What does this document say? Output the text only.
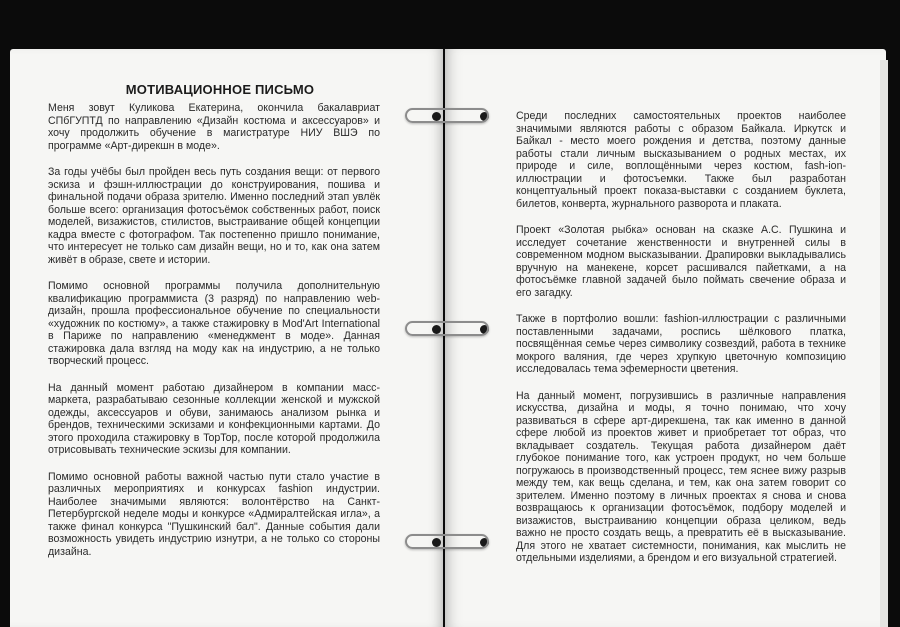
МОТИВАЦИОННОЕ ПИСЬМО

Меня зовут Куликова Екатерина, окончила бакалавриат СПбГУПТД по направлению «Дизайн костюма и аксессуаров» и хочу продолжить обучение в магистратуре НИУ ВШЭ по программе «Арт-дирекшн в моде».

За годы учёбы был пройден весь путь создания вещи: от первого эскиза и фэшн-иллюстрации до конструирования, пошива и финальной подачи образа зрителю. Именно последний этап увлёк больше всего: организация фотосъёмок собственных работ, поиск моделей, визажистов, стилистов, выстраивание общей концепции кадра вместе с фотографом. Так постепенно пришло понимание, что интересует не только сам дизайн вещи, но и то, как она затем живёт в образе, свете и истории.

Помимо основной программы получила дополнительную квалификацию программиста (3 разряд) по направлению web-дизайн, прошла профессиональное обучение по специальности «художник по костюму», а также стажировку в Mod'Art International в Париже по направлению «менеджмент в моде». Данная стажировка дала взгляд на моду как на индустрию, а не только творческий процесс.

На данный момент работаю дизайнером в компании масс-маркета, разрабатываю сезонные коллекции женской и мужской одежды, аксессуаров и обуви, занимаюсь анализом рынка и брендов, техническими эскизами и конфекционными картами. До этого проходила стажировку в TopTop, после которой продолжила отрисовывать технические эскизы для компании.

Помимо основной работы важной частью пути стало участие в различных мероприятиях и конкурсах fashion индустрии. Наиболее значимыми являются: волонтёрство на Санкт-Петербургской неделе моды и конкурсе «Адмиралтейская игла», а также финал конкурса "Пушкинский бал". Данные события дали возможность увидеть индустрию изнутри, а не только со стороны дизайна.

Среди последних самостоятельных проектов наиболее значимыми являются работы с образом Байкала. Иркутск и Байкал - место моего рождения и детства, поэтому данные работы стали личным высказыванием о родных местах, их природе и силе, воплощёнными через костюм, fash-ion-иллюстрации и фотосъемки. Также был разработан концептуальный проект показа-выставки с созданием буклета, билетов, конверта, журнального разворота и плаката.

Проект «Золотая рыбка» основан на сказке А.С. Пушкина и исследует сочетание женственности и внутренней силы в современном модном высказывании. Драпировки выкладывались вручную на манекене, корсет расшивался пайетками, а на фотосъёмке главной задачей было поймать свечение образа и его загадку.

Также в портфолио вошли: fashion-иллюстрации с различными поставленными задачами, роспись шёлкового платка, посвящённая семье через символику созвездий, работа в технике мокрого валяния, где через хрупкую цветочную композицию исследовалась тема эфемерности цветения.

На данный момент, погрузившись в различные направления искусства, дизайна и моды, я точно понимаю, что хочу развиваться в сфере арт-дирекшена, так как именно в данной сфере любой из проектов живет и приобретает тот образ, что вкладывает создатель. Текущая работа дизайнером даёт глубокое понимание того, как устроен продукт, но чем больше погружаюсь в производственный процесс, тем яснее вижу разрыв между тем, как вещь сделана, и тем, как она затем говорит со зрителем. Именно поэтому в личных проектах я снова и снова возвращаюсь к организации фотосъёмок, подбору моделей и визажистов, выстраиванию концепции образа целиком, ведь важно не просто создать вещь, а превратить её в высказывание. Для этого не хватает системности, понимания, как мыслить не отдельными изделиями, а брендом и его визуальной стратегией.
